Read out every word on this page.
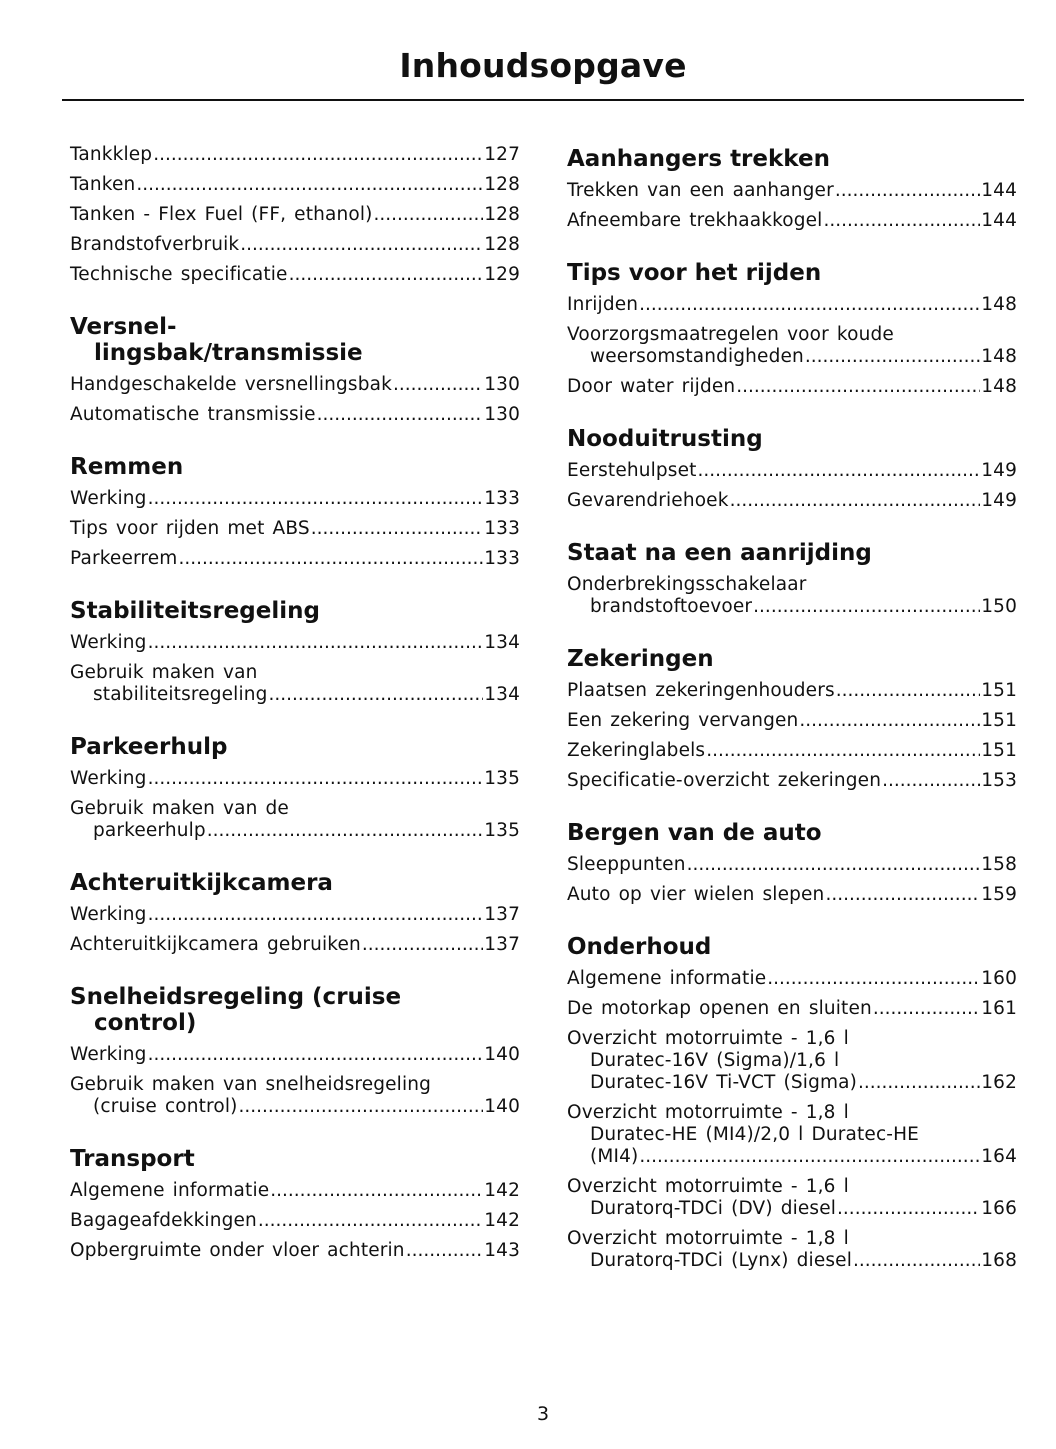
Inhoudsopgave
Tankklep .....	127
Tanken .....	128
Tanken - Flex Fuel (FF, ethanol) .....	128
Brandstofverbruik .....	128
Technische specificatie .....	129
Versnel-
lingsbak/transmissie
Handgeschakelde versnellingsbak .....	130
Automatische transmissie .....	130
Remmen
Werking .....	133
Tips voor rijden met ABS .....	133
Parkeerrem .....	133
Stabiliteitsregeling
Werking .....	134
Gebruik maken van
stabiliteitsregeling .....	134
Parkeerhulp
Werking .....	135
Gebruik maken van de
parkeerhulp .....	135
Achteruitkijkcamera
Werking .....	137
Achteruitkijkcamera gebruiken .....	137
Snelheidsregeling (cruise
control)
Werking .....	140
Gebruik maken van snelheidsregeling
(cruise control) .....	140
Transport
Algemene informatie .....	142
Bagageafdekkingen .....	142
Opbergruimte onder vloer achterin .....	143
Aanhangers trekken
Trekken van een aanhanger .....	144
Afneembare trekhaakkogel .....	144
Tips voor het rijden
Inrijden .....	148
Voorzorgsmaatregelen voor koude
weersomstandigheden .....	148
Door water rijden .....	148
Nooduitrusting
Eerstehulpset .....	149
Gevarendriehoek .....	149
Staat na een aanrijding
Onderbrekingsschakelaar
brandstoftoevoer .....	150
Zekeringen
Plaatsen zekeringenhouders .....	151
Een zekering vervangen .....	151
Zekeringlabels .....	151
Specificatie-overzicht zekeringen .....	153
Bergen van de auto
Sleeppunten .....	158
Auto op vier wielen slepen .....	159
Onderhoud
Algemene informatie .....	160
De motorkap openen en sluiten .....	161
Overzicht motorruimte - 1,6 l
Duratec-16V (Sigma)/1,6 l
Duratec-16V Ti-VCT (Sigma) .....	162
Overzicht motorruimte - 1,8 l
Duratec-HE (MI4)/2,0 l Duratec-HE
(MI4) .....	164
Overzicht motorruimte - 1,6 l
Duratorq-TDCi (DV) diesel .....	166
Overzicht motorruimte - 1,8 l
Duratorq-TDCi (Lynx) diesel .....	168
3
